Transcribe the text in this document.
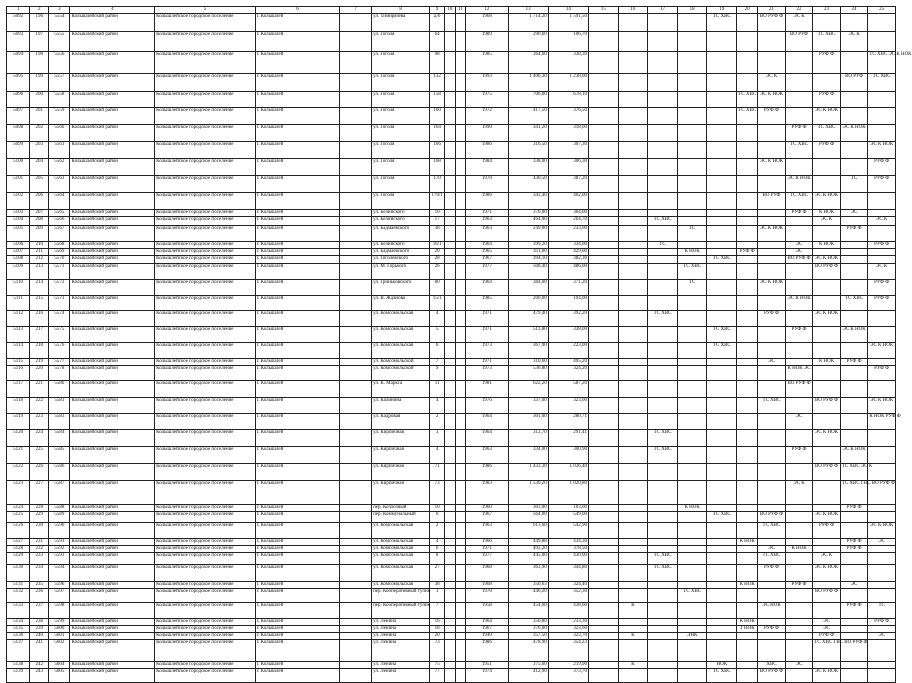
1	2	3	4	5	6	7	8	9	10	11	12	13	14	15	16	17	18	19	20	21	22	23	24	25
5092	196	5554	Колышлейский район	Колышлейское городское поселение	г. Колышлей		ул. Тимирязева	д/б			1968	1 714,20	1 591,50					ТС ХВС		ВО РУФ Ф	ЭС К			
5093	197	5555	Колышлейский район	Колышлейское городское поселение	г. Колышлей		ул. Гоголя	64			1989	290,60	106,70								ВО РУФ	ТС ХВС	ЭС К	
5094	198	5556	Колышлейский район	Колышлейское городское поселение	г. Колышлей		ул. Гоголя	98			1985	364,60	338,30									РУФ Ф		ТС ХВС ЭС К НОК
5095	199	5557	Колышлейский район	Колышлейское городское поселение	г. Колышлей		ул. Гоголя	132			1993	1 406,30	1 238,00							ЭС К			ВО РУФ	ТС ХВС
5096	200	5558	Колышлейский район	Колышлейское городское поселение	г. Колышлей		ул. Гоголя	158			1975	706,00	678,10						ТС ХВС	ЭС К НОК		РУФ Ф		
5097	201	5559	Колышлейский район	Колышлейское городское поселение	г. Колышлей		ул. Гоголя	160			1972	417,50	376,50						ТС ХВС	РУФ Ф		ЭС К НОК		
5098	202	5560	Колышлейский район	Колышлейское городское поселение	г. Колышлей		ул. Гоголя	164			1990	341,20	318,00								РУФ Ф	ТС ХВС	ЭС К НОК	
5099	203	5561	Колышлейский район	Колышлейское городское поселение	г. Колышлей		ул. Гоголя	166			1986	316,50	307,30								ТС ХВС	РУФ Ф		ЭС К НОК
5100	204	5562	Колышлейский район	Колышлейское городское поселение	г. Колышлей		ул. Гоголя	168			1984	338,00	306,30							ЭС К НОК				РУФ Ф
5101	205	5563	Колышлейский район	Колышлейское городское поселение	г. Колышлей		ул. Гоголя	170			1978	430,50	387,20								ЭС К НОК		ТС	РУФ Ф
5102	206	5564	Колышлейский район	Колышлейское городское поселение	г. Колышлей		ул. Гоголя	170/1			1986	343,40	402,00							ВО РУФ	ТС ХВС	ЭС К НОК		
5103	207	5565	Колышлейский район	Колышлейское городское поселение	г. Колышлей		ул. Белинского	10			1971	370,00	364,00								РУФ Ф	К НОК	ЭС	
5104	208	5566	Колышлейский район	Колышлейское городское поселение	г. Колышлей		ул. Белинского	17			1963	464,00	264,70			ТС ХВС						ЭС К		ЭС К
5105	209	5567	Колышлейский район	Колышлейское городское поселение	г. Колышлей		ул. Бадмаевского	38			1963	249,00	233,00				ТС			ЭС К НОК			РУФ Ф	
5106	210	5568	Колышлейский район	Колышлейское городское поселение	г. Колышлей		ул. Белинского	16/1			1964	399,20	334,00			ТС					ЭС	К НОК		РУФ Ф
5107	211	5569	Колышлейский район	Колышлейское городское поселение	г. Колышлей		ул. Бадмаевского	20			1965	411,00	429,00				К НОК		РУФ Ф		ЭС			
5108	212	5570	Колышлейский район	Колышлейское городское поселение	г. Колышлей		ул. Гоголевского	28			1967	394,10	382,30					ТС ХВС			ВО РУФ Ф	ЭС К НОК		
5109	213	5571	Колышлейский район	Колышлейское городское поселение	г. Колышлей		ул. М. Горького	26			1977	508,40	486,00				ТС ХВС					ВО РУФ Ф		ЭС К
5110	214	5572	Колышлейский район	Колышлейское городское поселение	г. Колышлей		ул. Гриньковского	80			1964	384,00	371,20				ТС			ЭС К НОК				РУФ Ф
5111	215	5573	Колышлейский район	Колышлейское городское поселение	г. Колышлей		ул. В. Жданова	15/1			1985	200,00	194,00								ЭС К НОК		ТС ХВС	РУФ Ф
5112	216	5574	Колышлейский район	Колышлейское городское поселение	г. Колышлей		ул. Комсомольская	4			1971	479,40	392,20			ТС ХВС				РУФ Ф		ЭС К НОК		
5113	217	5575	Колышлейский район	Колышлейское городское поселение	г. Колышлей		ул. Комсомольская	5			1971	513,80	338,00					ТС ХВС			РУФ Ф		ЭС К НОК	
5114	218	5576	Колышлейский район	Колышлейское городское поселение	г. Колышлей		ул. Комсомольская	6			1973	367,90	223,00					ТС ХВС						ЭС К НОК
5115	219	5577	Колышлейский район	Колышлейское городское поселение	г. Колышлей		ул. Комсомольской	7			1971	310,60	495,20							ЭС		К НОК	РУФ Ф	
5116	220	5578	Колышлейский район	Колышлейское городское поселение	г. Колышлей		ул. Комсомольской	9			1973	536,80	324,20								К НОК ЭС			РУФ Ф
5117	221	5580	Колышлейский район	Колышлейское городское поселение	г. Колышлей		ул. К. Маркса	11			1981	622,20	587,20								ВО РУФ Ф			
5118	222	5581	Колышлейский район	Колышлейское городское поселение	г. Колышлей		ул. Калинина	4			1976	337,00	323,00							ТС ХВС		ВО РУФ Ф		ЭС К НОК
5119	223	5583	Колышлейский район	Колышлейское городское поселение	г. Колышлей		ул. Кадровая	2			1964	301,00	280,71								ЭС			К НОК РУФ Ф
5120	224	5584	Колышлейский район	Колышлейское городское поселение	г. Колышлей		ул. Кирпичная	3			1964	312,70	291,41			ТС ХВС						ЭС К НОК		
5121	225	5585	Колышлейский район	Колышлейское городское поселение	г. Колышлей		ул. Кирпичная	4			1963	334,00	300,90			ТС ХВС					РУФ Ф		ЭС К НОК	
5122	226	5586	Колышлейский район	Колышлейское городское поселение	г. Колышлей		ул. Кирпичная	71			1986	1 433,30	1 036,40									ВО РУФ Ф	ТС ХВС ЭС К	
5123	227	5587	Колышлейский район	Колышлейское городское поселение	г. Колышлей		ул. Кирпичная	73			1983	1 530,20	1 020,80								ЭС К		ТС ХВС ГВС ВО РУФ Ф	
5124	228	5588	Колышлейский район	Колышлейское городское поселение	г. Колышлей		пер. Колхозный	10			1960	303,00	103,00				К НОК						РУФ Ф	
5125	229	5589	Колышлейский район	Колышлейское городское поселение	г. Колышлей		пер. Коммунальный	6			1967	564,00	549,00					ТС ХВС		ВО РУФ Ф		ЭС К НОК		
5126	230	5590	Колышлейский район	Колышлейское городское поселение	г. Колышлей		ул. Комсомольская	2			1963	613,60	542,90							ТС ХВС		РУФ Ф		ЭС К НОК
5127	231	5591	Колышлейский район	Колышлейское городское поселение	г. Колышлей		ул. Комсомольская	4			1966	449,88	434,30						К НОК				РУФ Ф	ЭС
5128	232	5592	Колышлейский район	Колышлейское городское поселение	г. Колышлей		ул. Комсомольская	6			1971	402,20	378,50							ЭС	К НОК		РУФ Ф	
5129	233	5593	Колышлейский район	Колышлейское городское поселение	г. Колышлей		ул. Комсомольская	8			1977	445,00	430,00			ТС ХВС				ТС ХВС		ЭС К		
5130	234	5594	Колышлейский район	Колышлейское городское поселение	г. Колышлей		ул. Комсомольская	27			1968	363,90	344,80			ТС ХВС				РУФ Ф		ЭС К НОК		
5131	235	5596	Колышлейский район	Колышлейское городское поселение	г. Колышлей		ул. Комсомольская	38			1968	350,63	324,40						К НОК		РУФ Ф		ЭС	
5132	236	5597	Колышлейский район	Колышлейское городское поселение	г. Колышлей		пер. Кооперативный тупик	1			1970	446,20	352,30				ТС ХВС					ВО РУФ Ф		
5133	237	5598	Колышлейский район	Колышлейское городское поселение	г. Колышлей		пер. Кооперативный тупик	7			1958	454,60	438,60		К					ЭС НОК			РУФ Ф	ТС
5134	238	5599	Колышлейский район	Колышлейское городское поселение	г. Колышлей		ул. Ленина	16			1964	350,80	233,30						К НОК			ЭС		РУФ Ф
5135	239	5600	Колышлейский район	Колышлейское городское поселение	г. Колышлей		ул. Ленина	18			1967	376,00	323,60						Т НОК	РУФ Ф		ЭС		
5136	240	5601	Колышлейский район	Колышлейское городское поселение	г. Колышлей		ул. Ленина	20			1940	357,50	323,70		К		ЭНК					РУФ Ф		ЭС
5137	241	5602	Колышлейский район	Колышлейское городское поселение	г. Колышлей		ул. Ленина	73			1986	478,90	354,23									ТС ХВС ГВС ВО РУФ Ф		
5138	242	5604	Колышлейский район	Колышлейское городское поселение	г. Колышлей		ул. Ленина	75			1951	375,60	219,90		К			НОК		ХВС	ЭС			
5139	243	5605	Колышлейский район	Колышлейское городское поселение	г. Колышлей		ул. Ленина	77			1974	412,90	373,70					ТС ХВС		ВО РУФ Ф		ЭС К НОК		
